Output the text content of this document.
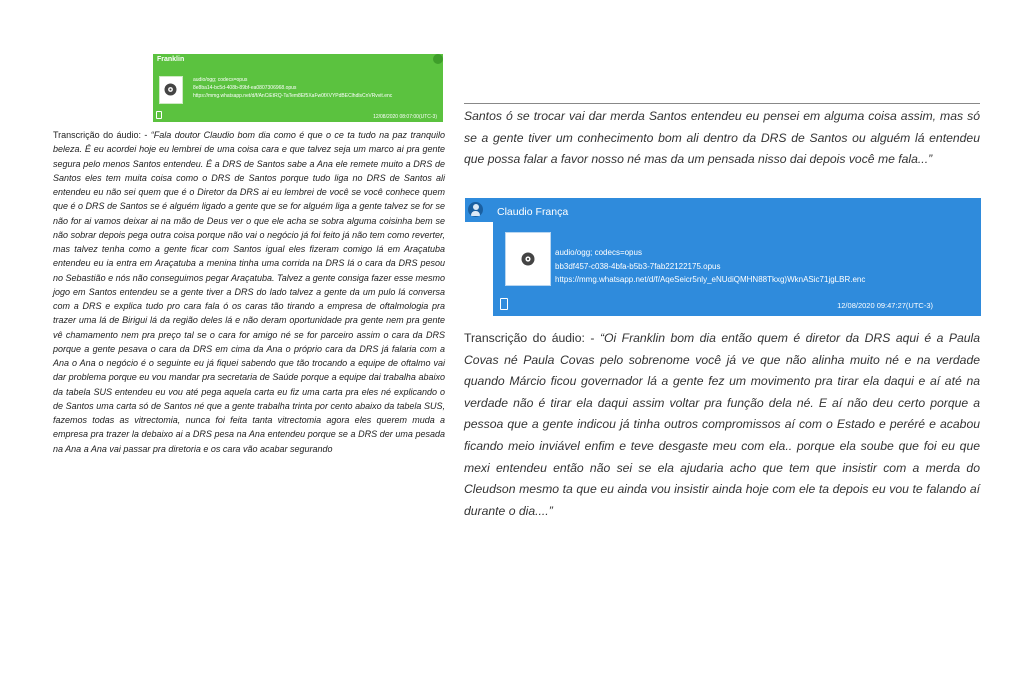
Franklin
audio/ogg; codecs=opus
8e8ba14-bc5d-408b-89bf-ea0807306968.opus
https://mmg.whatsapp.net/d/f/AnCiEtRQ-TaTem8Ef5XaFw0fXVYPdBEClhdlsCnVRvvit.enc
12/08/2020 08:07:00(UTC-3)
Transcrição do áudio: - “Fala doutor Claudio bom dia como é que o ce ta tudo na paz tranquilo beleza. É eu acordei hoje eu lembrei de uma coisa cara e que talvez seja um marco ai pra gente segura pelo menos Santos entendeu. É a DRS de Santos sabe a Ana ele remete muito a DRS de Santos eles tem muita coisa como o DRS de Santos porque tudo liga no DRS de Santos ali entendeu eu não sei quem que é o Diretor da DRS ai eu lembrei de você se você conhece quem que é o DRS de Santos se é alguém ligado a gente que se for alguém liga a gente talvez se for se não for ai vamos deixar ai na mão de Deus ver o que ele acha se sobra alguma coisinha bem se não sobrar depois pega outra coisa porque não vai o negócio já foi feito já não tem como reverter, mas talvez tenha como a gente ficar com Santos igual eles fizeram comigo lá em Araçatuba entendeu eu ia entra em Araçatuba a menina tinha uma corrida na DRS lá o cara da DRS pesou no Sebastião e nós não conseguimos pegar Araçatuba. Talvez a gente consiga fazer esse mesmo jogo em Santos entendeu se a gente tiver a DRS do lado talvez a gente da um pulo lá conversa com a DRS e explica tudo pro cara fala ó os caras tão tirando a empresa de oftalmologia pra trazer uma lá de Birigui lá da região deles lá e não deram oportunidade pra gente nem pra gente vê chamamento nem pra preço tal se o cara for amigo né se for parceiro assim o cara da DRS porque a gente pesava o cara da DRS em cima da Ana o próprio cara da DRS já falaria com a Ana o Ana o negócio é o seguinte eu já fiquei sabendo que tão trocando a equipe de oftalmo vai dar problema porque eu vou mandar pra secretaria de Saúde porque a equipe dai trabalha abaixo da tabela SUS entendeu eu vou até pega aquela carta eu fiz uma carta pra eles né explicando o de Santos uma carta só de Santos né que a gente trabalha trinta por cento abaixo da tabela SUS, fazemos todas as vitrectomia, nunca foi feita tanta vitrectomia agora eles querem muda a empresa pra trazer la debaixo ai a DRS pesa na Ana entendeu porque se a DRS der uma pesada na Ana a Ana vai passar pra diretoria e os cara vão acabar segurando
Santos ó se trocar vai dar merda Santos entendeu eu pensei em alguma coisa assim, mas só se a gente tiver um conhecimento bom ali dentro da DRS de Santos ou alguém lá entendeu que possa falar a favor nosso né mas da um pensada nisso dai depois você me fala...”
Claudio França
audio/ogg; codecs=opus
bb3df457-c038-4bfa-b5b3-7fab22122175.opus
https://mmg.whatsapp.net/d/f/AqeSeicr5nly_eNUdiQMHN88Tkxg)WknASic71jgLBR.enc
12/08/2020 09:47:27(UTC-3)
Transcrição do áudio: - “Oi Franklin bom dia então quem é diretor da DRS aqui é a Paula Covas né Paula Covas pelo sobrenome você já ve que não alinha muito né e na verdade quando Márcio ficou governador lá a gente fez um movimento pra tirar ela daqui e aí até na verdade não é tirar ela daqui assim voltar pra função dela né. E aí não deu certo porque a pessoa que a gente indicou já tinha outros compromissos aí com o Estado e peréré e acabou ficando meio inviável enfim e teve desgaste meu com ela.. porque ela soube que foi eu que mexi entendeu então não sei se ela ajudaria acho que tem que insistir com a merda do Cleudson mesmo ta que eu ainda vou insistir ainda hoje com ele ta depois eu vou te falando aí durante o dia....”
